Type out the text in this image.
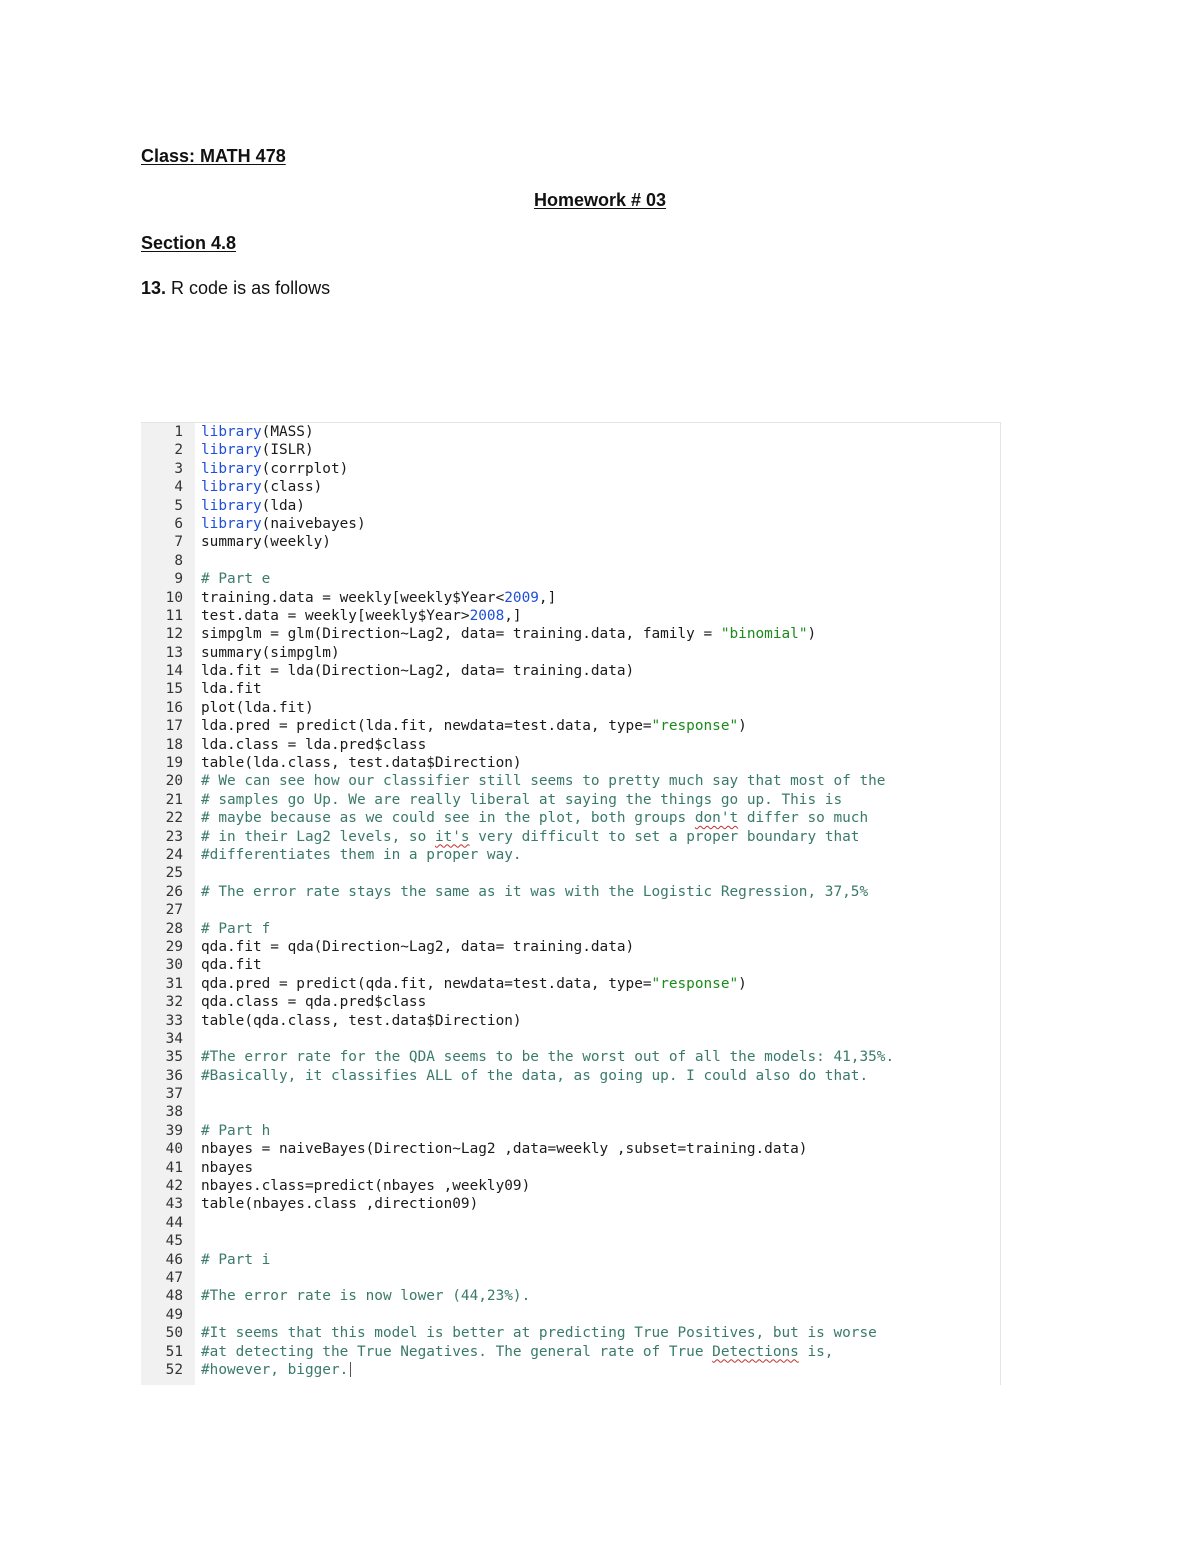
Class: MATH 478
Homework # 03
Section 4.8
13. R code is as follows
1 library(MASS)
2 library(ISLR)
3 library(corrplot)
4 library(class)
5 library(lda)
6 library(naivebayes)
7 summary(weekly)
8
9 # Part e
10 training.data = weekly[weekly$Year<2009,]
11 test.data = weekly[weekly$Year>2008,]
12 simpglm = glm(Direction~Lag2, data= training.data, family = "binomial")
13 summary(simpglm)
14 lda.fit = lda(Direction~Lag2, data= training.data)
15 lda.fit
16 plot(lda.fit)
17 lda.pred = predict(lda.fit, newdata=test.data, type="response")
18 lda.class = lda.pred$class
19 table(lda.class, test.data$Direction)
20 # We can see how our classifier still seems to pretty much say that most of the
21 # samples go Up. We are really liberal at saying the things go up. This is
22 # maybe because as we could see in the plot, both groups don't differ so much
23 # in their Lag2 levels, so it's very difficult to set a proper boundary that
24 #differentiates them in a proper way.
25
26 # The error rate stays the same as it was with the Logistic Regression, 37,5%
27
28 # Part f
29 qda.fit = qda(Direction~Lag2, data= training.data)
30 qda.fit
31 qda.pred = predict(qda.fit, newdata=test.data, type="response")
32 qda.class = qda.pred$class
33 table(qda.class, test.data$Direction)
34
35 #The error rate for the QDA seems to be the worst out of all the models: 41,35%.
36 #Basically, it classifies ALL of the data, as going up. I could also do that.
37
38
39 # Part h
40 nbayes = naiveBayes(Direction~Lag2 ,data=weekly ,subset=training.data)
41 nbayes
42 nbayes.class=predict(nbayes ,weekly09)
43 table(nbayes.class ,direction09)
44
45
46 # Part i
47
48 #The error rate is now lower (44,23%).
49
50 #It seems that this model is better at predicting True Positives, but is worse
51 #at detecting the True Negatives. The general rate of True Detections is,
52 #however, bigger.
